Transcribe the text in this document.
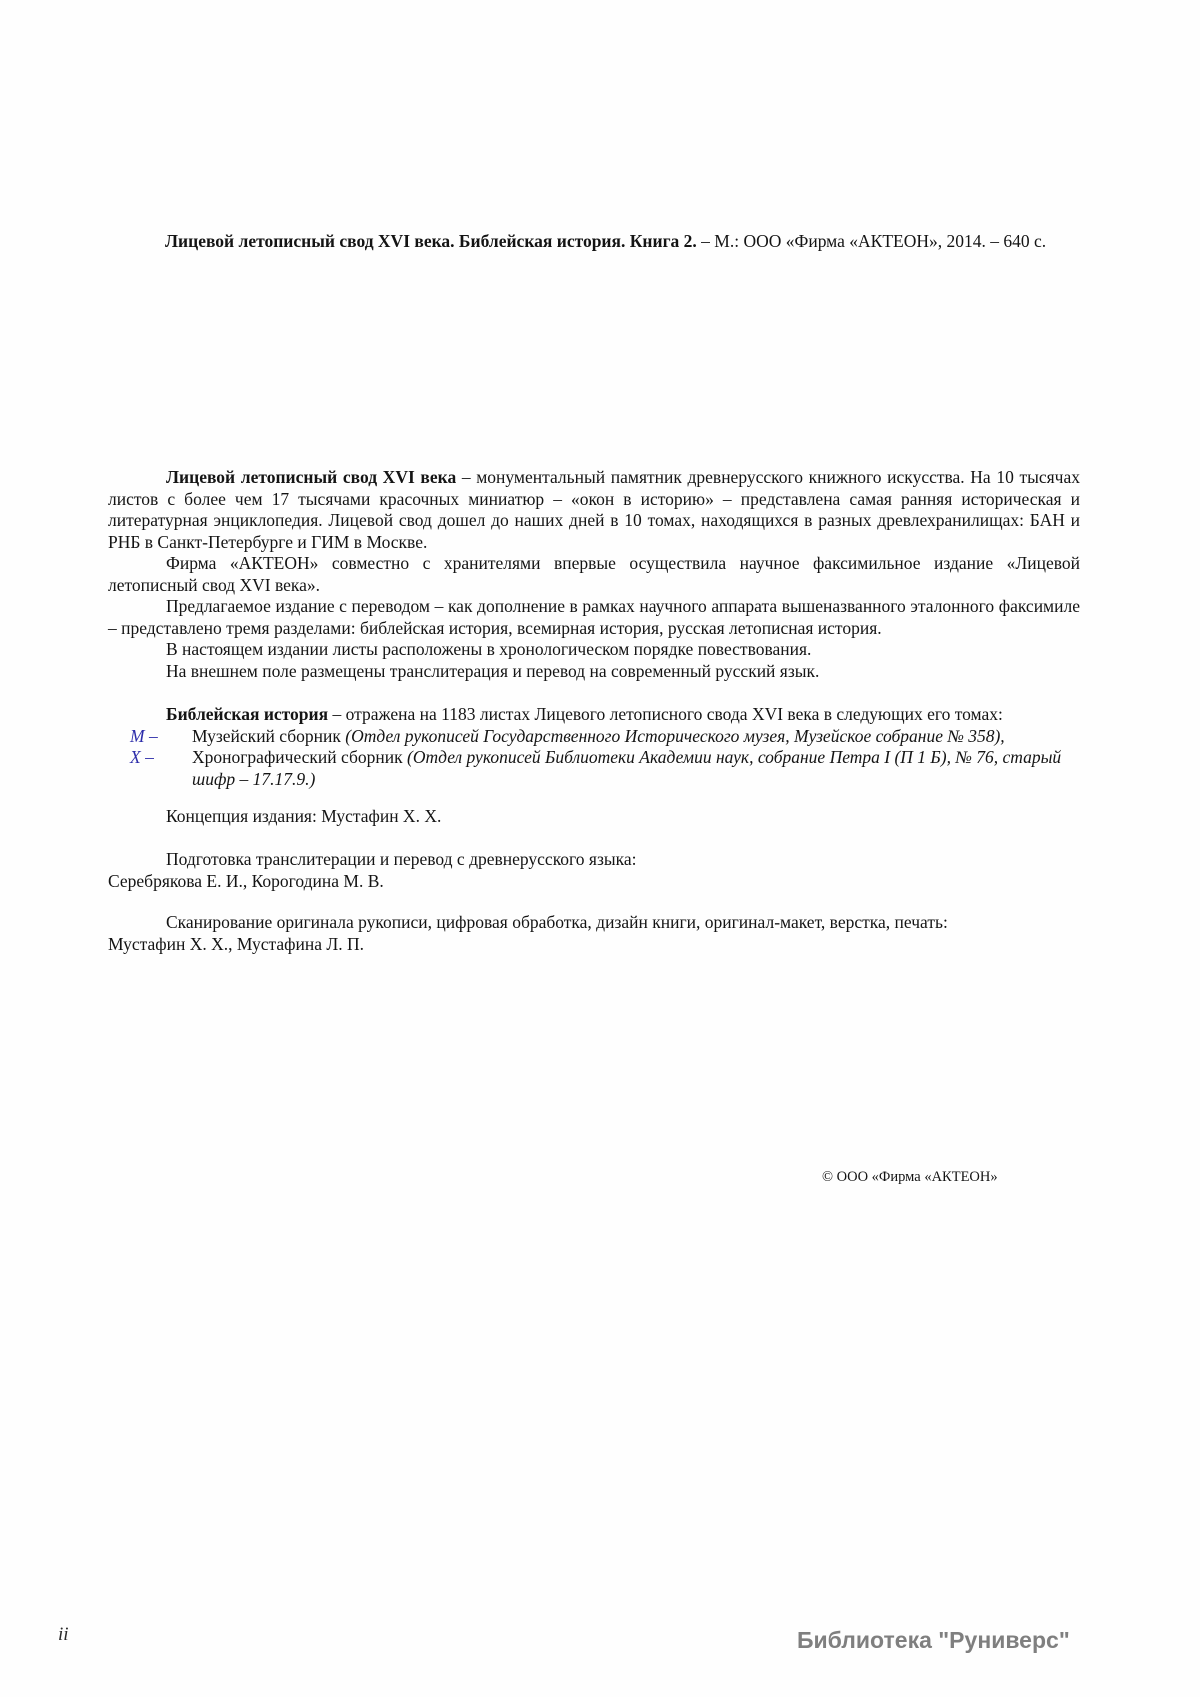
Лицевой летописный свод XVI века. Библейская история. Книга 2. – М.: ООО «Фирма «АКТЕОН», 2014. – 640 с.

Лицевой летописный свод XVI века – монументальный памятник древнерусского книжного искусства. На 10 тысячах листов с более чем 17 тысячами красочных миниатюр – «окон в историю» – представлена самая ранняя историческая и литературная энциклопедия. Лицевой свод дошел до наших дней в 10 томах, находящихся в разных древлехранилищах: БАН и РНБ в Санкт-Петербурге и ГИМ в Москве.

Фирма «АКТЕОН» совместно с хранителями впервые осуществила научное факсимильное издание «Лицевой летописный свод XVI века».

Предлагаемое издание с переводом – как дополнение в рамках научного аппарата вышеназванного эталонного факсимиле – представлено тремя разделами: библейская история, всемирная история, русская летописная история.

В настоящем издании листы расположены в хронологическом порядке повествования.

На внешнем поле размещены транслитерация и перевод на современный русский язык.

Библейская история – отражена на 1183 листах Лицевого летописного свода XVI века в следующих его томах:

М – Музейский сборник (Отдел рукописей Государственного Исторического музея, Музейское собрание № 358),
Х – Хронографический сборник (Отдел рукописей Библиотеки Академии наук, собрание Петра I (П 1 Б), № 76, старый шифр – 17.17.9.)

Концепция издания: Мустафин Х. Х.

Подготовка транслитерации и перевод с древнерусского языка:

Серебрякова Е. И., Корогодина М. В.

Сканирование оригинала рукописи, цифровая обработка, дизайн книги, оригинал-макет, верстка, печать:

Мустафин Х. Х., Мустафина Л. П.

© ООО «Фирма «АКТЕОН»
ii	Библиотека "Руниверс"
